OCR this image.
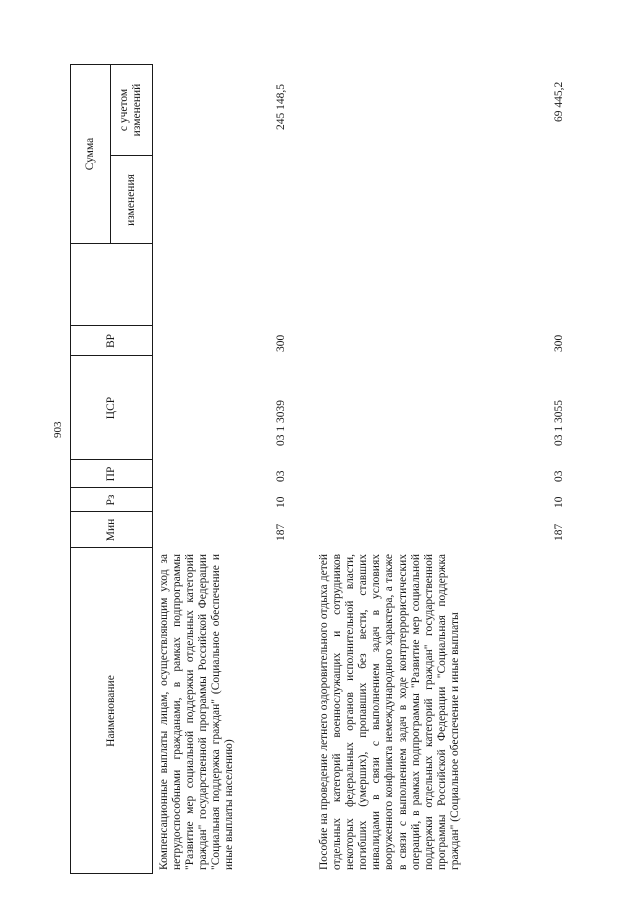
903
Наименование
Мин
Рз
ПР
ЦСР
ВР
Сумма
изменения
с учетом изменений
Компенсационные выплаты лицам, осуществляющим уход за нетрудоспособными гражданами, в рамках подпрограммы "Развитие мер социальной поддержки отдельных категорий граждан" государственной программы Российской Федерации "Социальная поддержка граждан" (Социальное обеспечение и иные выплаты населению)
187
10
03
03 1 3039
300
245 148,5
Пособие на проведение летнего оздоровительного отдыха детей отдельных категорий военнослужащих и сотрудников некоторых федеральных органов исполнительной власти, погибших (умерших), пропавших без вести, ставших инвалидами в связи с выполнением задач в условиях вооруженного конфликта немеждународного характера, а также в связи с выполнением задач в ходе контртеррористических операций, в рамках подпрограммы "Развитие мер социальной поддержки отдельных категорий граждан" государственной программы Российской Федерации "Социальная поддержка граждан" (Социальное обеспечение и иные выплаты
187
10
03
03 1 3055
300
69 445,2
